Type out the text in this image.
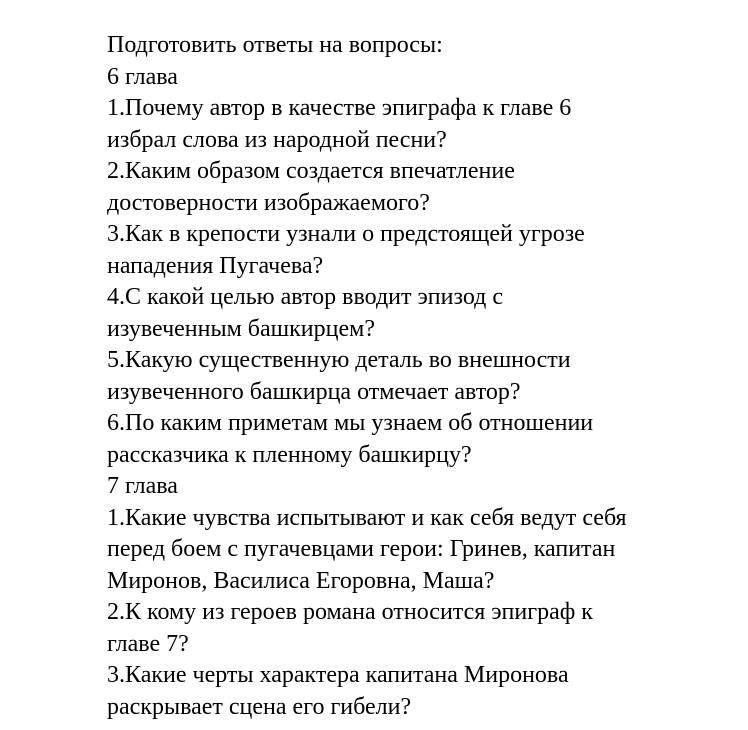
Подготовить ответы на вопросы:
6 глава
1.Почему автор в качестве эпиграфа к главе 6
избрал слова из народной песни?
2.Каким образом создается впечатление
достоверности изображаемого?
3.Как в крепости узнали о предстоящей угрозе
нападения Пугачева?
4.С какой целью автор вводит эпизод с
изувеченным башкирцем?
5.Какую существенную деталь во внешности
изувеченного башкирца отмечает автор?
6.По каким приметам мы узнаем об отношении
рассказчика к пленному башкирцу?
7 глава
1.Какие чувства испытывают и как себя ведут себя
перед боем с пугачевцами герои: Гринев, капитан
Миронов, Василиса Егоровна, Маша?
2.К кому из героев романа относится эпиграф к
главе 7?
3.Какие черты характера капитана Миронова
раскрывает сцена его гибели?
